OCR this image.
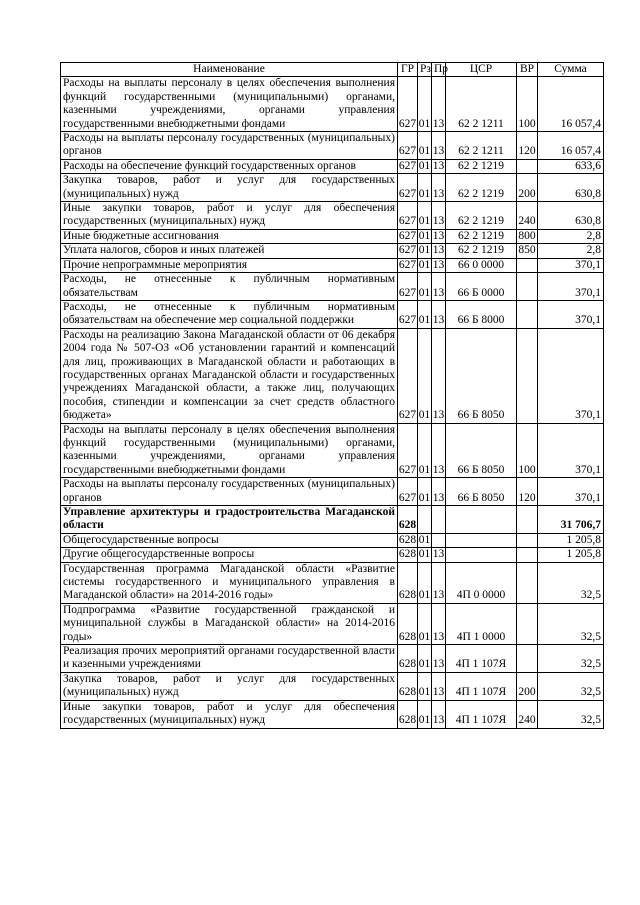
Наименование	ГР	Рз	Пр	ЦСР	ВР	Сумма
Расходы на выплаты персоналу в целях обеспечения выполнения функций государственными (муниципальными) органами, казенными учреждениями, органами управления государственными внебюджетными фондами	627	01	13	62 2 1211	100	16 057,4
Расходы на выплаты персоналу государственных (муниципальных) органов	627	01	13	62 2 1211	120	16 057,4
Расходы на обеспечение функций государственных органов	627	01	13	62 2 1219		633,6
Закупка товаров, работ и услуг для государственных (муниципальных) нужд	627	01	13	62 2 1219	200	630,8
Иные закупки товаров, работ и услуг для обеспечения государственных (муниципальных) нужд	627	01	13	62 2 1219	240	630,8
Иные бюджетные ассигнования	627	01	13	62 2 1219	800	2,8
Уплата налогов, сборов и иных платежей	627	01	13	62 2 1219	850	2,8
Прочие непрограммные мероприятия	627	01	13	66 0 0000		370,1
Расходы, не отнесенные к публичным нормативным обязательствам	627	01	13	66 Б 0000		370,1
Расходы, не отнесенные к публичным нормативным обязательствам на обеспечение мер социальной поддержки	627	01	13	66 Б 8000		370,1
Расходы на реализацию Закона Магаданской области от 06 декабря 2004 года № 507-ОЗ «Об установлении гарантий и компенсаций для лиц, проживающих в Магаданской области и работающих в государственных органах Магаданской области и государственных учреждениях Магаданской области, а также лиц, получающих пособия, стипендии и компенсации за счет средств областного бюджета»	627	01	13	66 Б 8050		370,1
Расходы на выплаты персоналу в целях обеспечения выполнения функций государственными (муниципальными) органами, казенными учреждениями, органами управления государственными внебюджетными фондами	627	01	13	66 Б 8050	100	370,1
Расходы на выплаты персоналу государственных (муниципальных) органов	627	01	13	66 Б 8050	120	370,1
Управление архитектуры и градостроительства Магаданской области	628					31 706,7
Общегосударственные вопросы	628	01				1 205,8
Другие общегосударственные вопросы	628	01	13			1 205,8
Государственная программа Магаданской области «Развитие системы государственного и муниципального управления в Магаданской области» на 2014-2016 годы»	628	01	13	4П 0 0000		32,5
Подпрограмма «Развитие государственной гражданской и муниципальной службы в Магаданской области» на 2014-2016 годы»	628	01	13	4П 1 0000		32,5
Реализация прочих мероприятий органами государственной власти и казенными учреждениями	628	01	13	4П 1 107Я		32,5
Закупка товаров, работ и услуг для государственных (муниципальных) нужд	628	01	13	4П 1 107Я	200	32,5
Иные закупки товаров, работ и услуг для обеспечения государственных (муниципальных) нужд	628	01	13	4П 1 107Я	240	32,5
